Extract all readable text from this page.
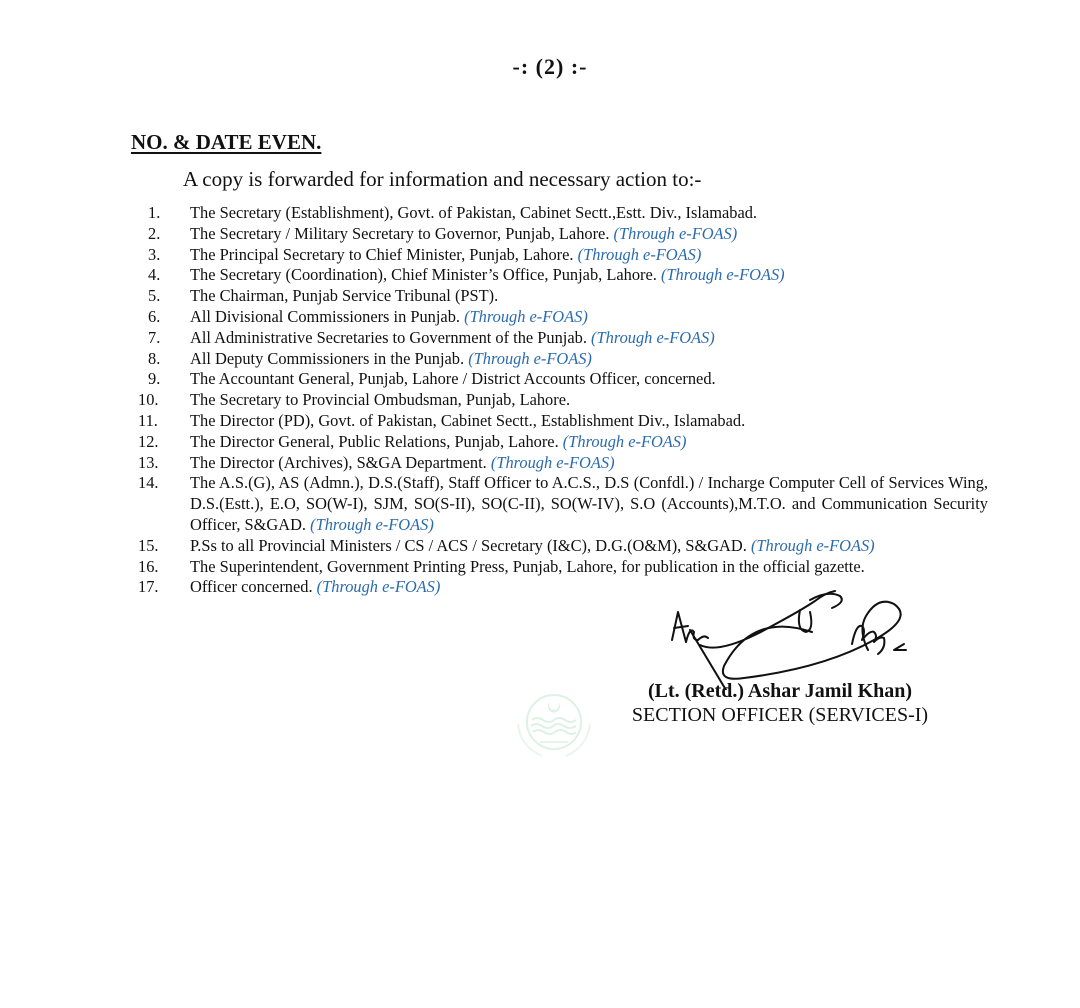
-: (2) :-
NO. & DATE EVEN.
A copy is forwarded for information and necessary action to:-
1.	The Secretary (Establishment), Govt. of Pakistan, Cabinet Sectt.,Estt. Div., Islamabad.
2.	The Secretary / Military Secretary to Governor, Punjab, Lahore. (Through e-FOAS)
3.	The Principal Secretary to Chief Minister, Punjab, Lahore. (Through e-FOAS)
4.	The Secretary (Coordination), Chief Minister’s Office, Punjab, Lahore. (Through e-FOAS)
5.	The Chairman, Punjab Service Tribunal (PST).
6.	All Divisional Commissioners in Punjab. (Through e-FOAS)
7.	All Administrative Secretaries to Government of the Punjab. (Through e-FOAS)
8.	All Deputy Commissioners in the Punjab. (Through e-FOAS)
9.	The Accountant General, Punjab, Lahore / District Accounts Officer, concerned.
10.	The Secretary to Provincial Ombudsman, Punjab, Lahore.
11.	The Director (PD), Govt. of Pakistan, Cabinet Sectt., Establishment Div., Islamabad.
12.	The Director General, Public Relations, Punjab, Lahore. (Through e-FOAS)
13.	The Director (Archives), S&GA Department. (Through e-FOAS)
14.	The A.S.(G), AS (Admn.), D.S.(Staff), Staff Officer to A.C.S., D.S (Confdl.) / Incharge Computer Cell of Services Wing, D.S.(Estt.), E.O, SO(W-I), SJM, SO(S-II), SO(C-II), SO(W-IV), S.O (Accounts),M.T.O. and Communication Security Officer, S&GAD. (Through e-FOAS)
15.	P.Ss to all Provincial Ministers / CS / ACS / Secretary (I&C), D.G.(O&M), S&GAD. (Through e-FOAS)
16.	The Superintendent, Government Printing Press, Punjab, Lahore, for publication in the official gazette.
17.	Officer concerned. (Through e-FOAS)
(Lt. (Retd.) Ashar Jamil Khan)
SECTION OFFICER (SERVICES-I)
